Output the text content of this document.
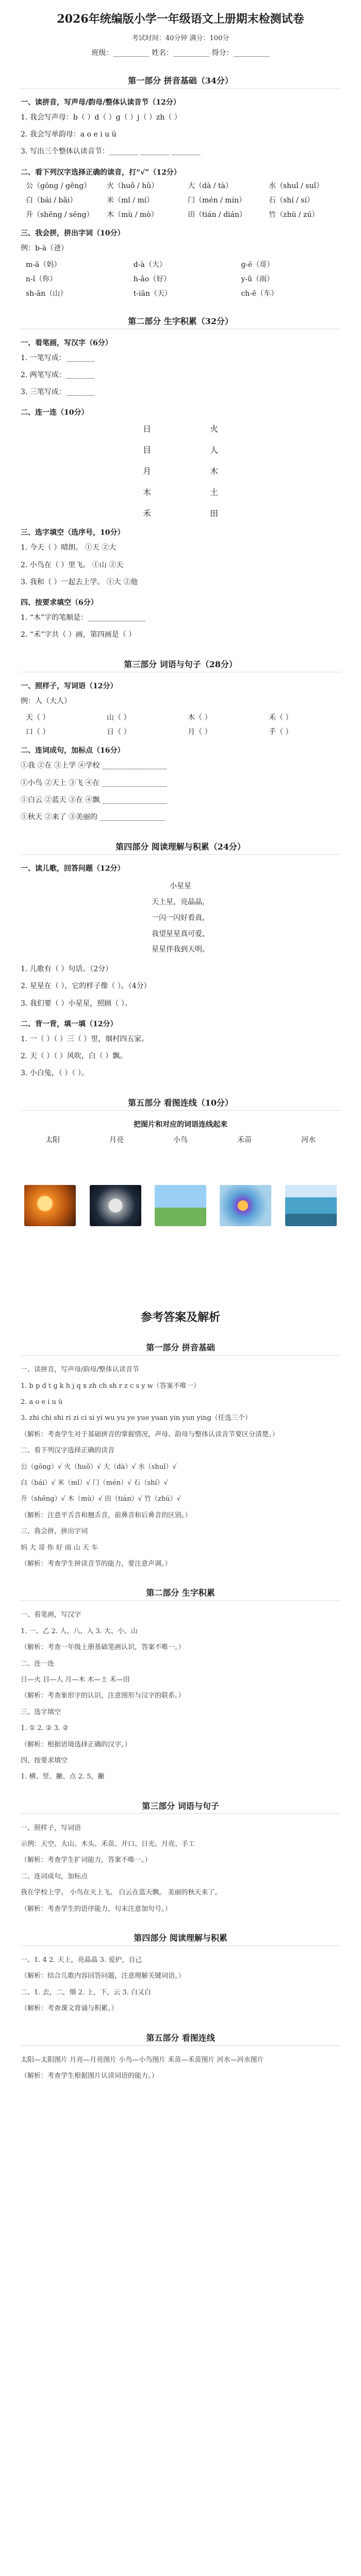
2026年统编版小学一年级语文上册期末检测试卷
考试时间：40分钟 满分：100分
班级：__________ 姓名：__________ 得分：__________
第一部分 拼音基础（34分）
一、读拼音，写声母/韵母/整体认读音节（12分）
1. 我会写声母：b（ ）d（ ）g（ ）j（ ）zh（ ）
2. 我会写单韵母：a o e i u ü
3. 写出三个整体认读音节：________ ________ ________
二、看下列汉字选择正确的读音，打“√”（12分）
公（gōng / gēng）	火（huǒ / hǔ）	大（dà / tà）	水（shuǐ / suǐ）
白（bái / bǎi）	米（mǐ / mí）	门（mén / mín）	石（shí / sí）
升（shēng / sēng）	木（mù / mò）	田（tián / dián）	竹（zhú / zú）
三、我会拼，拼出字词（10分）
例：b-à（爸）
m-ā（妈）	d-à（大）	ɡ-ē（哥）
n-ǐ（你）	h-ǎo（好）	y-ǔ（雨）
sh-ān（山）	t-iān（天）	ch-ē（车）
第二部分 生字积累（32分）
一、看笔画，写汉字（6分）
1. 一笔写成：________
2. 两笔写成：________
3. 三笔写成：________
二、连一连（10分）
日	火
目	人
月	木
木	土
禾	田
三、选字填空（选序号，10分）
1. 今天（ ）晴朗。 ①天 ②大
2. 小鸟在（ ）里飞。 ①山 ②天
3. 我和（ ）一起去上学。 ①大 ②他
四、按要求填空（6分）
1. “木”字的笔顺是：________________
2. “禾”字共（ ）画，第四画是（ ）
第三部分 词语与句子（28分）
一、照样子，写词语（12分）
例：人（大人）
天（ ）	山（ ）	木（ ）	禾（ ）
口（ ）	日（ ）	月（ ）	手（ ）
二、连词成句，加标点（16分）
①我 ②在 ③上学 ④学校 __________________
①小鸟 ②天上 ③飞 ④在 __________________
①白云 ②蓝天 ③在 ④飘 __________________
①秋天 ②来了 ③美丽的 __________________
第四部分 阅读理解与积累（24分）
一、读儿歌，回答问题（12分）
小星星
天上星，亮晶晶，
一闪一闪好看真，
我望星星真可爱，
星星伴我到天明。
1. 儿歌有（ ）句话。（2分）
2. 星星在（ ），它的样子像（ ）。（4分）
3. 我们要（ ）小星星，照顾（ ）。
二、背一背，填一填（12分）
1. 一（ ）（ ）三（ ）里，烟村四五家。
2. 天（ ）（ ）风吹，白（ ）飘。
3. 小白兔，（ ）（ ）。
第五部分 看图连线（10分）
把图片和对应的词语连线起来
太阳	月亮	小鸟	禾苗	河水
参考答案及解析
第一部分 拼音基础
一、读拼音，写声母/韵母/整体认读音节
1. b p d t ɡ k h j q x zh ch sh r z c s y w（答案不唯一）
2. a o e i u ü
3. zhi chi shi ri zi ci si yi wu yu ye yue yuan yin yun ying（任选三个）
（解析：考查学生对于基础拼音的掌握情况，声母、韵母与整体认读音节要区分清楚。）
二、看下列汉字选择正确的读音
公（gōng）√ 火（huǒ）√ 大（dà）√ 水（shuǐ）√
白（bái）√ 米（mǐ）√ 门（mén）√ 石（shí）√
升（shēng）√ 木（mù）√ 田（tián）√ 竹（zhú）√
（解析：注意平舌音和翘舌音，前鼻音和后鼻音的区别。）
三、我会拼，拼出字词
妈 大 哥 你 好 雨 山 天 车
（解析：考查学生拼读音节的能力，要注意声调。）
第二部分 生字积累
一、看笔画，写汉字
1. 一、乙 2. 人、八、入 3. 大、小、山
（解析：考查一年级上册基础笔画认识，答案不唯一。）
二、连一连
日—火 目—人 月—木 木—土 禾—田
（解析：考查象形字的认识，注意图形与汉字的联系。）
三、选字填空
1. ① 2. ② 3. ②
（解析：根据语境选择正确的汉字。）
四、按要求填空
1. 横、竖、撇、点 2. 5，撇
第三部分 词语与句子
一、照样子，写词语
示例：天空、大山、木头、禾苗、开口、日光、月亮、手工
（解析：考查学生扩词能力，答案不唯一。）
二、连词成句，加标点
我在学校上学。 小鸟在天上飞。 白云在蓝天飘。 美丽的秋天来了。
（解析：考查学生的语序能力，句末注意加句号。）
第四部分 阅读理解与积累
一、1. 4 2. 天上，亮晶晶 3. 爱护，自己
（解析：结合儿歌内容回答问题，注意理解关键词语。）
二、1. 去，二，烟 2. 上，下，云 3. 白又白
（解析：考查课文背诵与积累。）
第五部分 看图连线
太阳—太阳图片 月亮—月亮图片 小鸟—小鸟图片 禾苗—禾苗图片 河水—河水图片
（解析：考查学生根据图片认读词语的能力。）
